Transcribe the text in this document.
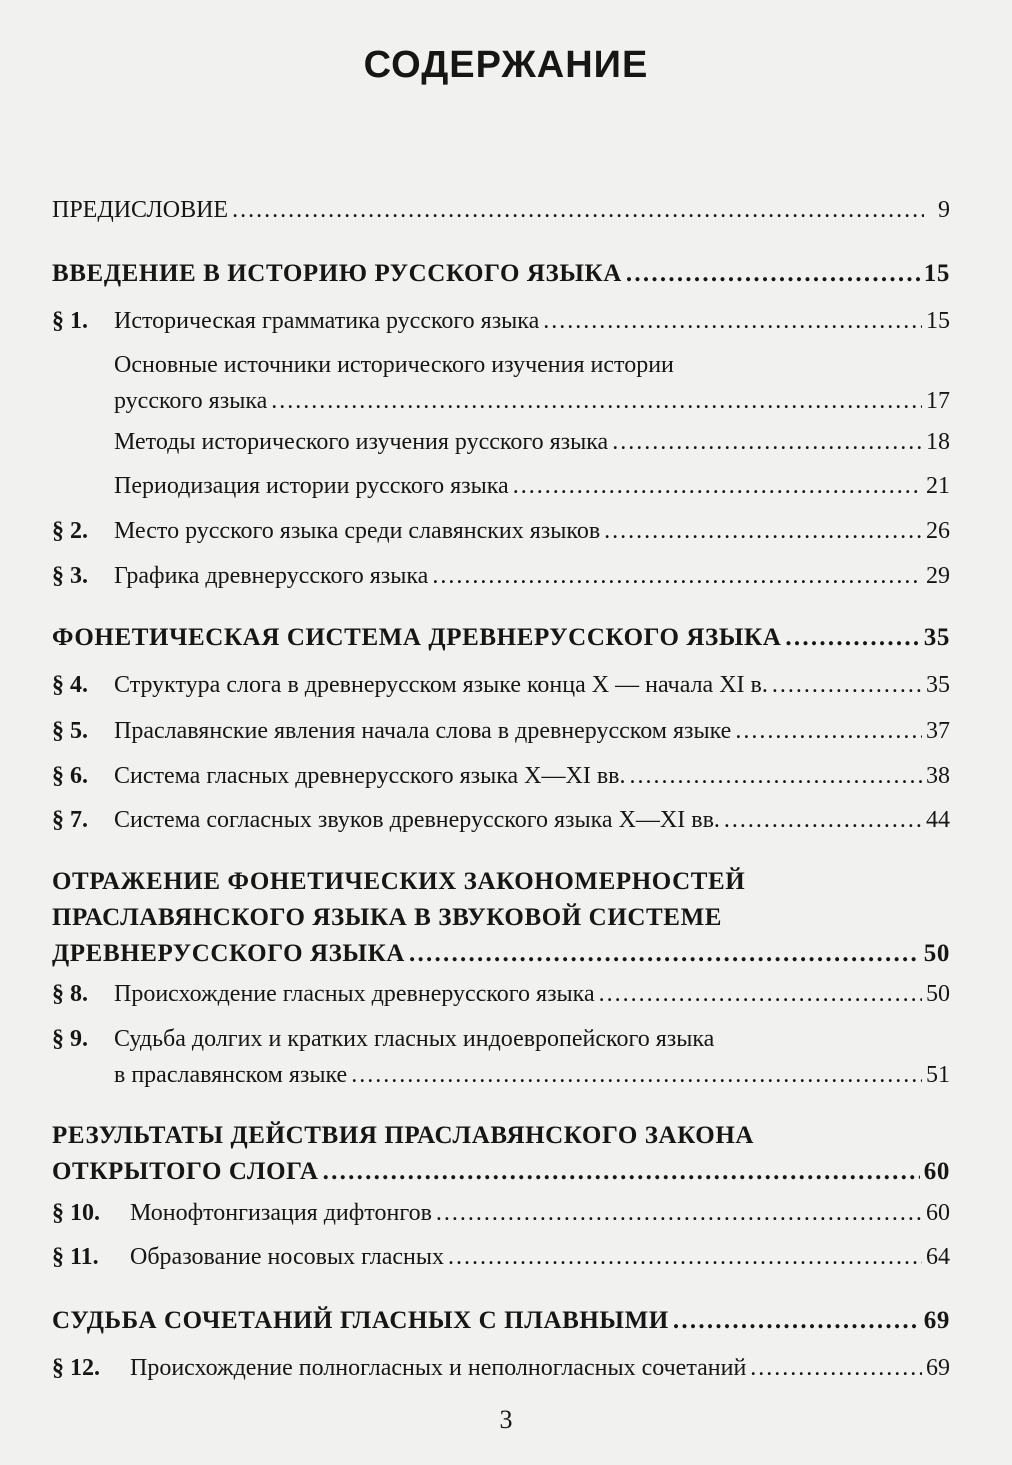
СОДЕРЖАНИЕ
ПРЕДИСЛОВИЕ . . .	9
ВВЕДЕНИЕ В ИСТОРИЮ РУССКОГО ЯЗЫКА . . .	15
§ 1.	Историческая грамматика русского языка . . .	15
Основные источники исторического изучения истории
русского языка . . .	17
Методы исторического изучения русского языка . . .	18
Периодизация истории русского языка . . .	21
§ 2.	Место русского языка среди славянских языков . . .	26
§ 3.	Графика древнерусского языка . . .	29
ФОНЕТИЧЕСКАЯ СИСТЕМА ДРЕВНЕРУССКОГО ЯЗЫКА . . .	35
§ 4.	Структура слога в древнерусском языке конца X — начала XI в. . . .	35
§ 5.	Праславянские явления начала слова в древнерусском языке . . .	37
§ 6.	Система гласных древнерусского языка X—XI вв. . . .	38
§ 7.	Система согласных звуков древнерусского языка X—XI вв. . . .	44
ОТРАЖЕНИЕ ФОНЕТИЧЕСКИХ ЗАКОНОМЕРНОСТЕЙ
ПРАСЛАВЯНСКОГО ЯЗЫКА В ЗВУКОВОЙ СИСТЕМЕ
ДРЕВНЕРУССКОГО ЯЗЫКА . . .	50
§ 8.	Происхождение гласных древнерусского языка . . .	50
§ 9.	Судьба долгих и кратких гласных индоевропейского языка
в праславянском языке . . .	51
РЕЗУЛЬТАТЫ ДЕЙСТВИЯ ПРАСЛАВЯНСКОГО ЗАКОНА
ОТКРЫТОГО СЛОГА . . .	60
§ 10.	Монофтонгизация дифтонгов . . .	60
§ 11.	Образование носовых гласных . . .	64
СУДЬБА СОЧЕТАНИЙ ГЛАСНЫХ С ПЛАВНЫМИ . . .	69
§ 12.	Происхождение полногласных и неполногласных сочетаний . . .	69
3
